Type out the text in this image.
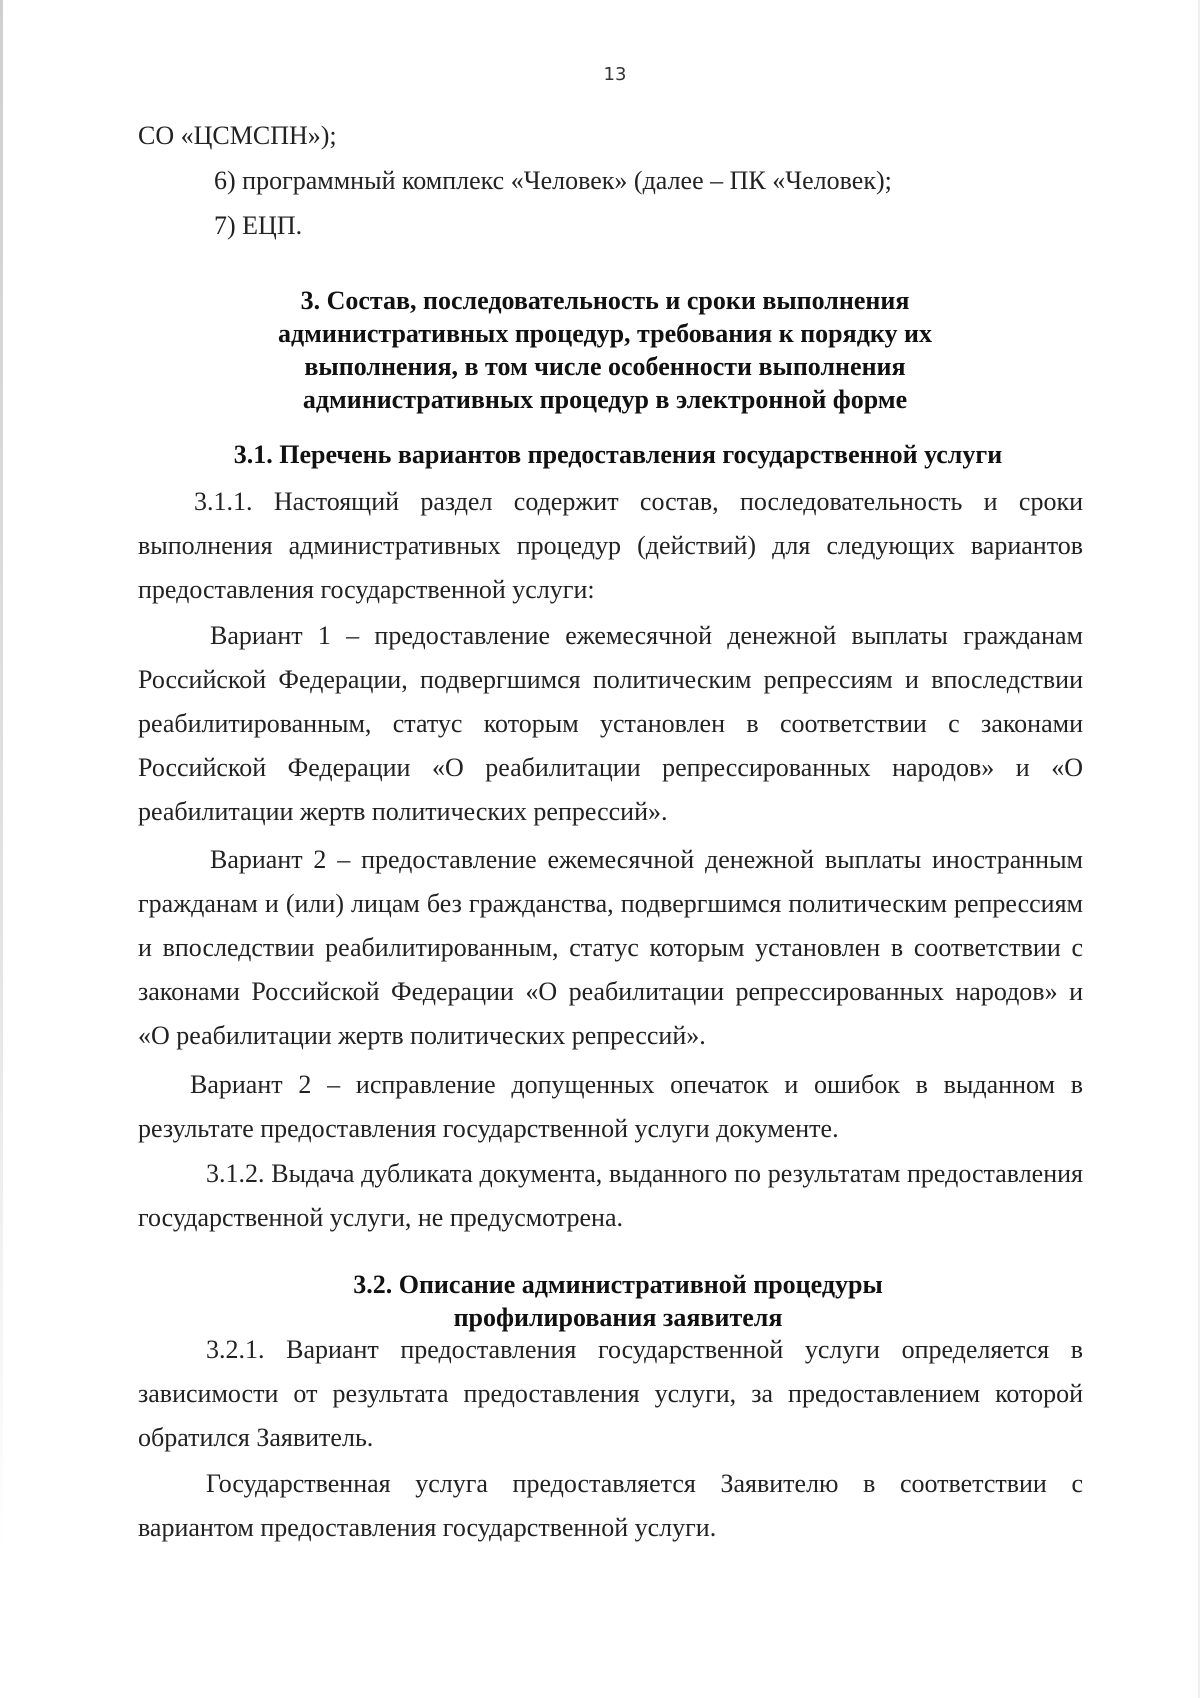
13

СО «ЦСМСПН»);

6) программный комплекс «Человек» (далее – ПК «Человек);

7) ЕЦП.

3. Состав, последовательность и сроки выполнения административных процедур, требования к порядку их выполнения, в том числе особенности выполнения административных процедур в электронной форме

3.1. Перечень вариантов предоставления государственной услуги

3.1.1. Настоящий раздел содержит состав, последовательность и сроки выполнения административных процедур (действий) для следующих вариантов предоставления государственной услуги:

Вариант 1 – предоставление ежемесячной денежной выплаты гражданам Российской Федерации, подвергшимся политическим репрессиям и впоследствии реабилитированным, статус которым установлен в соответствии с законами Российской Федерации «О реабилитации репрессированных народов» и «О реабилитации жертв политических репрессий».

Вариант 2 – предоставление ежемесячной денежной выплаты иностранным гражданам и (или) лицам без гражданства, подвергшимся политическим репрессиям и впоследствии реабилитированным, статус которым установлен в соответствии с законами Российской Федерации «О реабилитации репрессированных народов» и «О реабилитации жертв политических репрессий».

Вариант 2 – исправление допущенных опечаток и ошибок в выданном в результате предоставления государственной услуги документе.

3.1.2. Выдача дубликата документа, выданного по результатам предоставления государственной услуги, не предусмотрена.

3.2. Описание административной процедуры
профилирования заявителя

3.2.1. Вариант предоставления государственной услуги определяется в зависимости от результата предоставления услуги, за предоставлением которой обратился Заявитель.

Государственная услуга предоставляется Заявителю в соответствии с вариантом предоставления государственной услуги.
